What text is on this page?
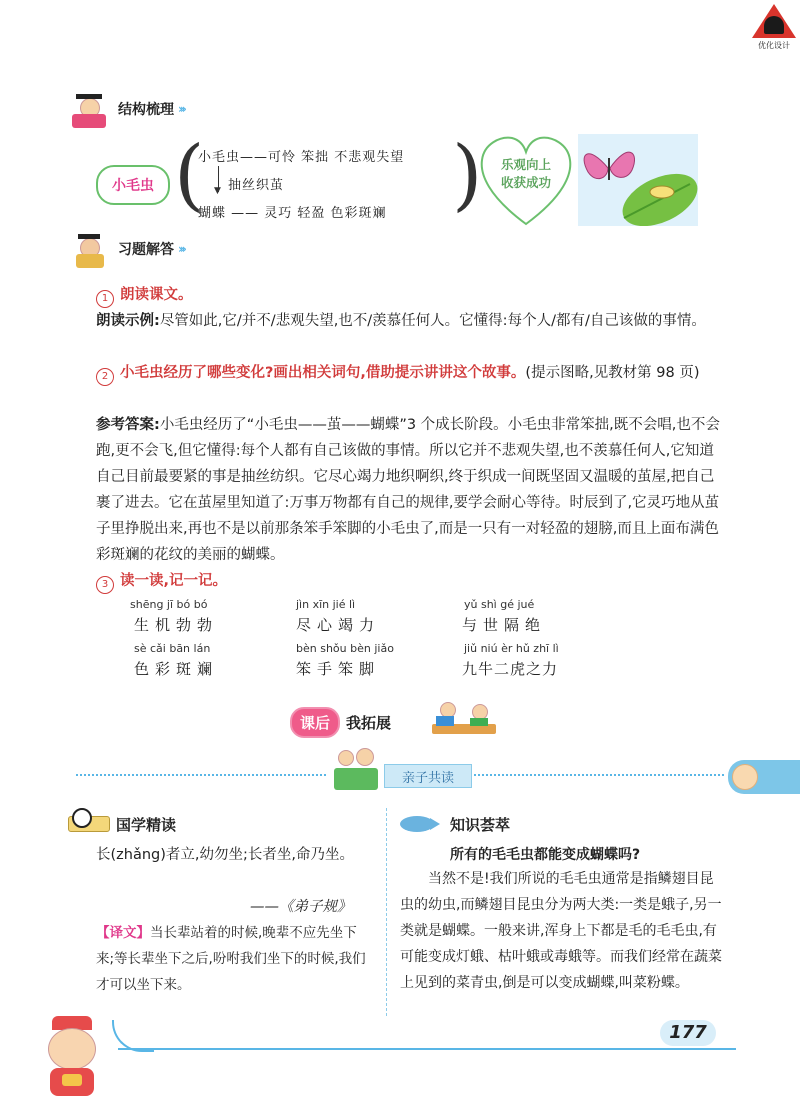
优化设计
结构梳理 ›››
小毛虫 (
小毛虫——可怜 笨拙 不悲观失望
▼ 抽丝织茧
蝴蝶 —— 灵巧 轻盈 色彩斑斓 )	乐观向上
收获成功
习题解答 ›››
1 朗读课文。
朗读示例:尽管如此,它/并不/悲观失望,也不/羡慕任何人。它懂得:每个人/都有/自己该做的事情。
2 小毛虫经历了哪些变化?画出相关词句,借助提示讲讲这个故事。(提示图略,见教材第 98 页)
参考答案:小毛虫经历了“小毛虫——茧——蝴蝶”3 个成长阶段。小毛虫非常笨拙,既不会唱,也不会跑,更不会飞,但它懂得:每个人都有自己该做的事情。所以它并不悲观失望,也不羡慕任何人,它知道自己目前最要紧的事是抽丝纺织。它尽心竭力地织啊织,终于织成一间既坚固又温暖的茧屋,把自己裹了进去。它在茧屋里知道了:万事万物都有自己的规律,要学会耐心等待。时辰到了,它灵巧地从茧子里挣脱出来,再也不是以前那条笨手笨脚的小毛虫了,而是一只有一对轻盈的翅膀,而且上面布满色彩斑斓的花纹的美丽的蝴蝶。
3 读一读,记一记。
shēng jī bó bó
生机勃勃
jìn xīn jié lì
尽心竭力
yǔ shì gé jué
与世隔绝
sè cǎi bān lán
色彩斑斓
bèn shǒu bèn jiǎo
笨手笨脚
jiǔ niú èr hǔ zhī lì
九牛二虎之力
课后	我拓展
亲子共读
国学精读
长(zhǎng)者立,幼勿坐;长者坐,命乃坐。
——《弟子规》
【译文】当长辈站着的时候,晚辈不应先坐下来;等长辈坐下之后,吩咐我们坐下的时候,我们才可以坐下来。
知识荟萃
所有的毛毛虫都能变成蝴蝶吗?
当然不是!我们所说的毛毛虫通常是指鳞翅目昆虫的幼虫,而鳞翅目昆虫分为两大类:一类是蛾子,另一类就是蝴蝶。一般来讲,浑身上下都是毛的毛毛虫,有可能变成灯蛾、枯叶蛾或毒蛾等。而我们经常在蔬菜上见到的菜青虫,倒是可以变成蝴蝶,叫菜粉蝶。
177
